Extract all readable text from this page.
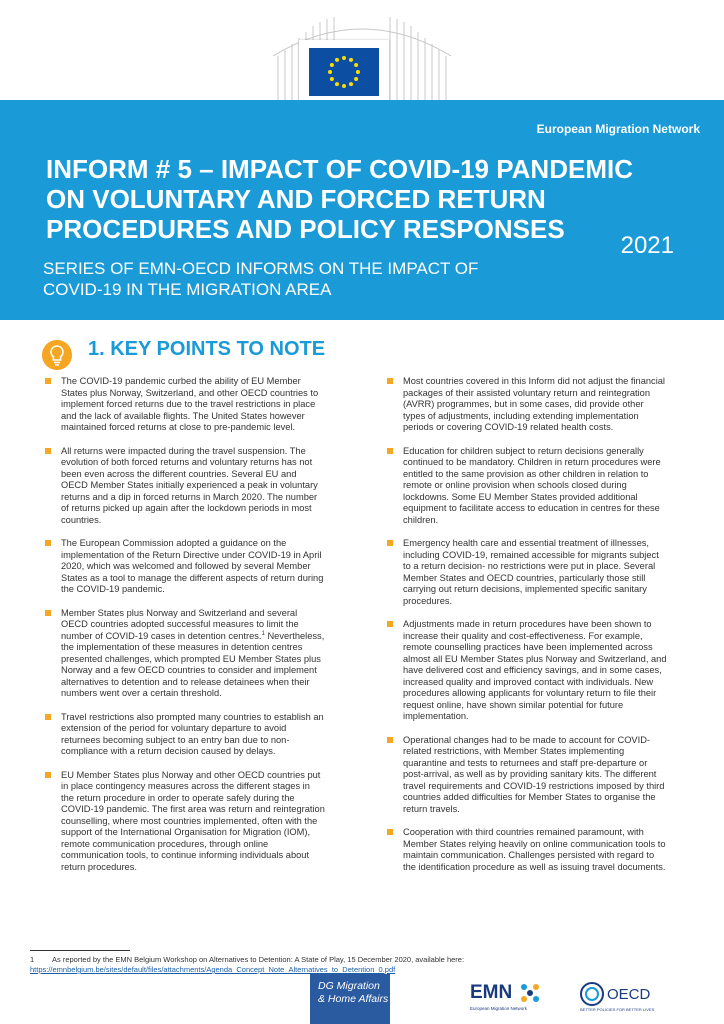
European Migration Network
INFORM # 5 – IMPACT OF COVID-19 PANDEMIC ON VOLUNTARY AND FORCED RETURN PROCEDURES AND POLICY RESPONSES
2021

SERIES OF EMN-OECD INFORMS ON THE IMPACT OF COVID-19 IN THE MIGRATION AREA

1. KEY POINTS TO NOTE
The COVID-19 pandemic curbed the ability of EU Member States plus Norway, Switzerland, and other OECD countries to implement forced returns due to the travel restrictions in place and the lack of available flights. The United States however maintained forced returns at close to pre-pandemic level.
All returns were impacted during the travel suspension. The evolution of both forced returns and voluntary returns has not been even across the different countries. Several EU and OECD Member States initially experienced a peak in voluntary returns and a dip in forced returns in March 2020. The number of returns picked up again after the lockdown periods in most countries.
The European Commission adopted a guidance on the implementation of the Return Directive under COVID-19 in April 2020, which was welcomed and followed by several Member States as a tool to manage the different aspects of return during the COVID-19 pandemic.
Member States plus Norway and Switzerland and several OECD countries adopted successful measures to limit the number of COVID-19 cases in detention centres.$^1$ Nevertheless, the implementation of these measures in detention centres presented challenges, which prompted EU Member States plus Norway and a few OECD countries to consider and implement alternatives to detention and to release detainees when their numbers went over a certain threshold.
Travel restrictions also prompted many countries to establish an extension of the period for voluntary departure to avoid returnees becoming subject to an entry ban due to non-compliance with a return decision caused by delays.
EU Member States plus Norway and other OECD countries put in place contingency measures across the different stages in the return procedure in order to operate safely during the COVID-19 pandemic. The first area was return and reintegration counselling, where most countries implemented, often with the support of the International Organisation for Migration (IOM), remote communication procedures, through online communication tools, to continue informing individuals about return procedures.
Most countries covered in this Inform did not adjust the financial packages of their assisted voluntary return and reintegration (AVRR) programmes, but in some cases, did provide other types of adjustments, including extending implementation periods or covering COVID-19 related health costs.
Education for children subject to return decisions generally continued to be mandatory. Children in return procedures were entitled to the same provision as other children in relation to remote or online provision when schools closed during lockdowns. Some EU Member States provided additional equipment to facilitate access to education in centres for these children.
Emergency health care and essential treatment of illnesses, including COVID-19, remained accessible for migrants subject to a return decision- no restrictions were put in place. Several Member States and OECD countries, particularly those still carrying out return decisions, implemented specific sanitary procedures.
Adjustments made in return procedures have been shown to increase their quality and cost-effectiveness. For example, remote counselling practices have been implemented across almost all EU Member States plus Norway and Switzerland, and have delivered cost and efficiency savings, and in some cases, increased quality and improved contact with individuals. New procedures allowing applicants for voluntary return to file their request online, have shown similar potential for future implementation.
Operational changes had to be made to account for COVID-related restrictions, with Member States implementing quarantine and tests to returnees and staff pre-departure or post-arrival, as well as by providing sanitary kits. The different travel requirements and COVID-19 restrictions imposed by third countries added difficulties for Member States to organise the return travels.
Cooperation with third countries remained paramount, with Member States relying heavily on online communication tools to maintain communication. Challenges persisted with regard to the identification procedure as well as issuing travel documents.
1 As reported by the EMN Belgium Workshop on Alternatives to Detention: A State of Play, 15 December 2020, available here: https://emnbelgium.be/sites/default/files/attachments/Agenda_Concept_Note_Alternatives_to_Detention_0.pdf
DG Migration
& Home Affairs	EMN
European Migration Network
OECD
BETTER POLICIES FOR BETTER LIVES
